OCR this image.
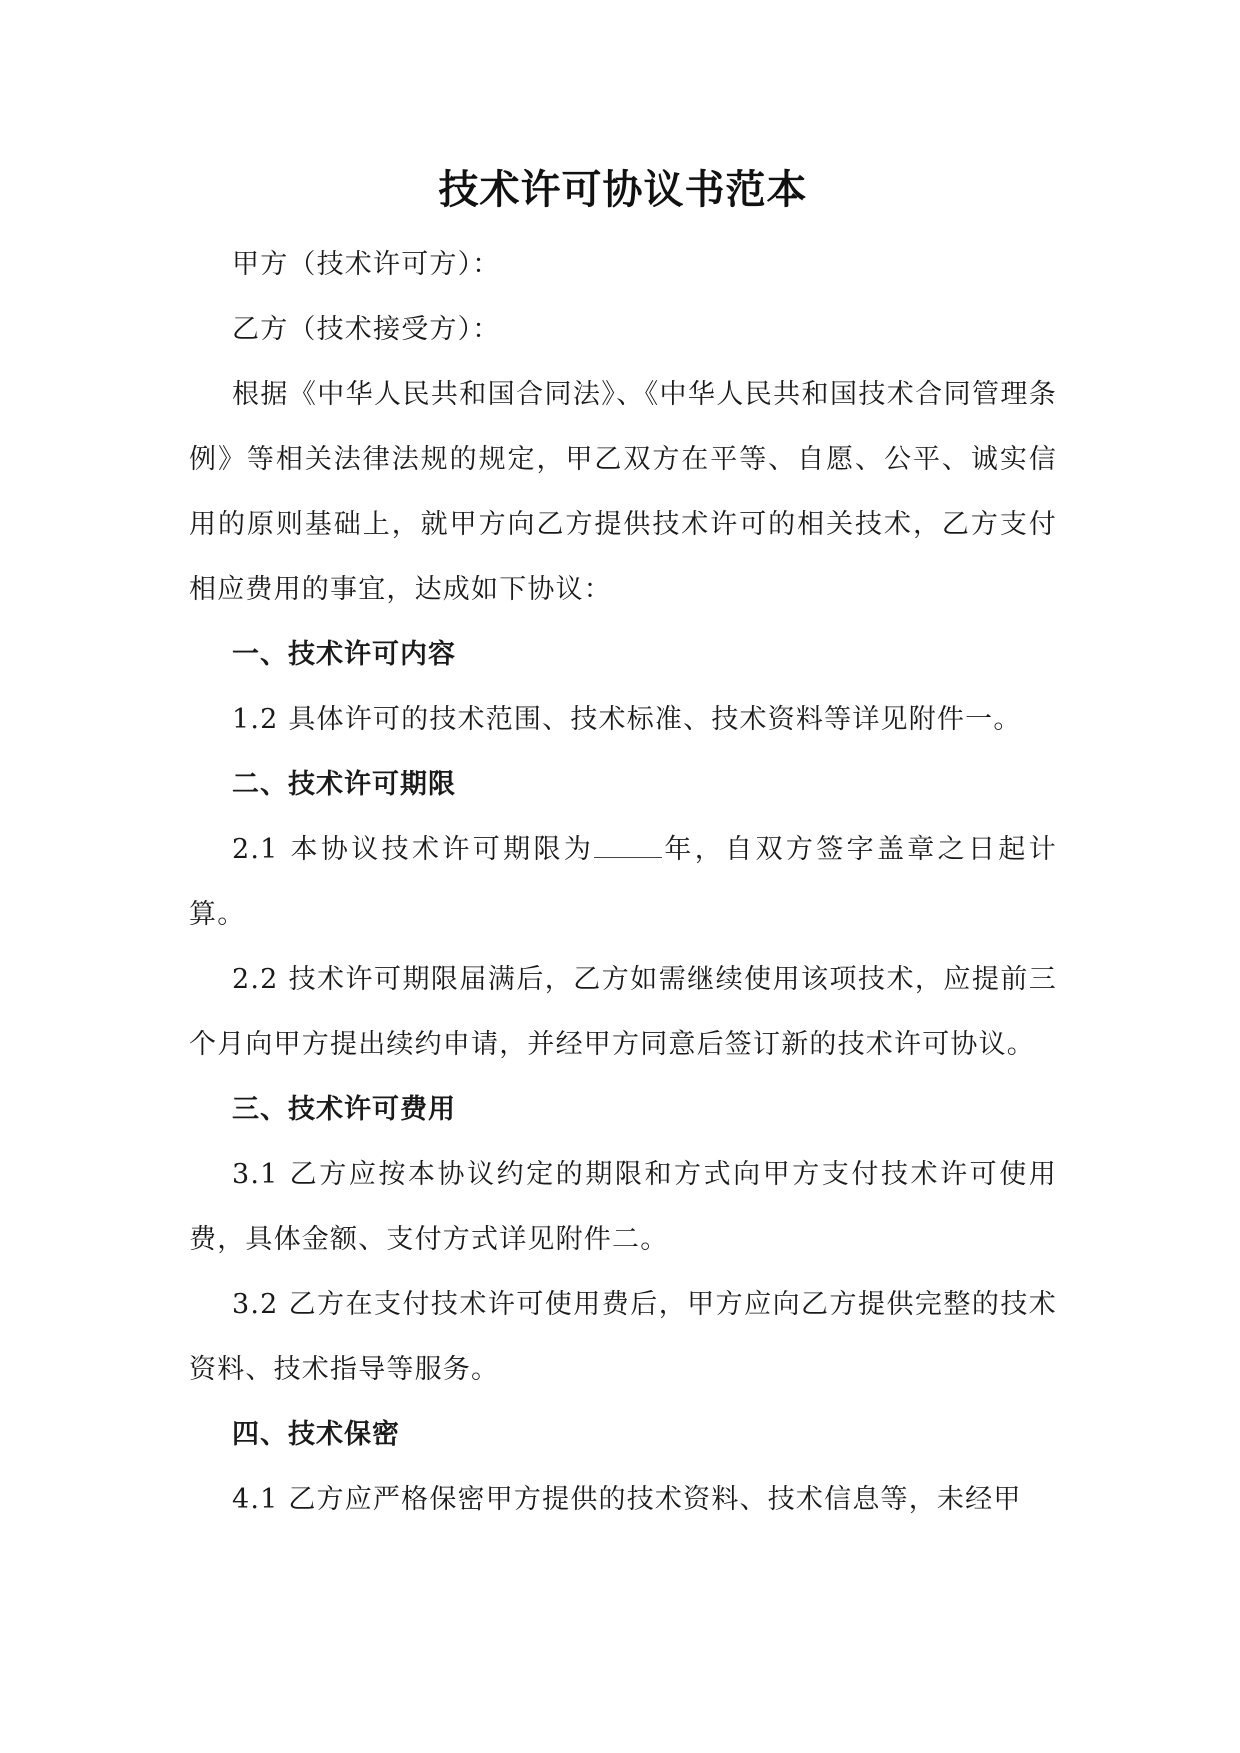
技术许可协议书范本

甲方（技术许可方）：

乙方（技术接受方）：

根据《中华人民共和国合同法》、《中华人民共和国技术合同管理条例》等相关法律法规的规定，甲乙双方在平等、自愿、公平、诚实信用的原则基础上，就甲方向乙方提供技术许可的相关技术，乙方支付相应费用的事宜，达成如下协议：

一、技术许可内容

1.2 具体许可的技术范围、技术标准、技术资料等详见附件一。

二、技术许可期限

2.1 本协议技术许可期限为	年，自双方签字盖章之日起计算。

2.2 技术许可期限届满后，乙方如需继续使用该项技术，应提前三个月向甲方提出续约申请，并经甲方同意后签订新的技术许可协议。

三、技术许可费用

3.1 乙方应按本协议约定的期限和方式向甲方支付技术许可使用费，具体金额、支付方式详见附件二。

3.2 乙方在支付技术许可使用费后，甲方应向乙方提供完整的技术资料、技术指导等服务。

四、技术保密

4.1 乙方应严格保密甲方提供的技术资料、技术信息等，未经甲
